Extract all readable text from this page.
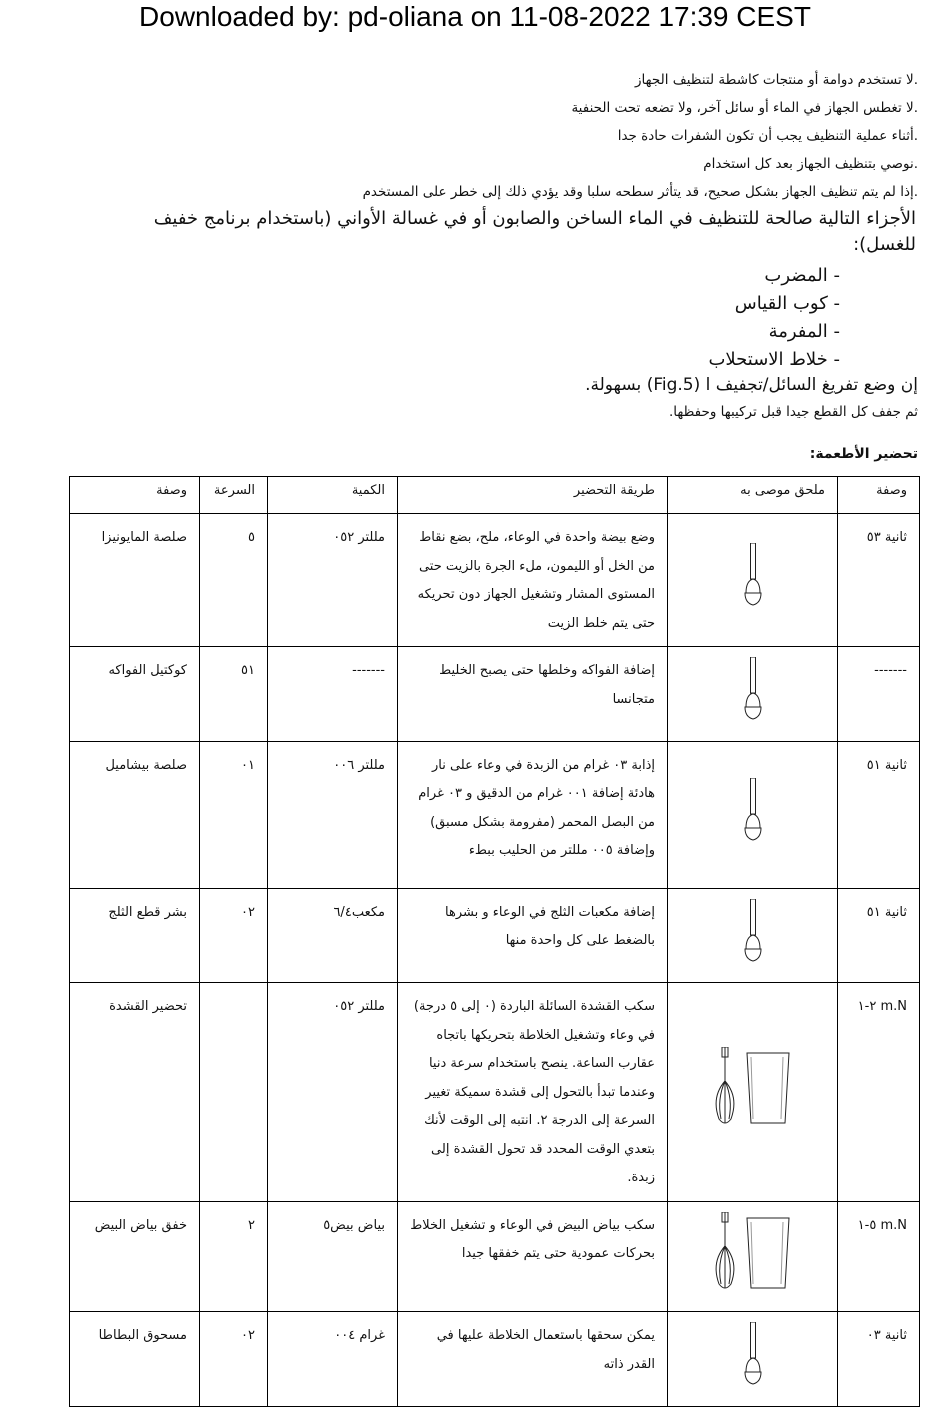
Downloaded by: pd-oliana on 11-08-2022 17:39 CEST
.لا تستخدم دوامة أو منتجات كاشطة لتنظيف الجهاز
.لا تغطس الجهاز في الماء أو سائل آخر، ولا تضعه تحت الحنفية
.أثناء عملية التنظيف يجب أن تكون الشفرات حادة جدا
.نوصي بتنظيف الجهاز بعد كل استخدام
.إذا لم يتم تنظيف الجهاز بشكل صحيح، قد يتأثر سطحه سلبا وقد يؤدي ذلك إلى خطر على المستخدم
الأجزاء التالية صالحة للتنظيف في الماء الساخن والصابون أو في غسالة الأواني (باستخدام برنامج خفيف للغسل):
- المضرب
- كوب القياس
- المفرمة
- خلاط الاستحلاب
إن وضع تفريغ السائل/تجفيف ا (Fig.5) بسهولة.
ثم جفف كل القطع جيدا قبل تركيبها وحفظها.
تحضير الأطعمة:
وصفة	ملحق موصى به	طريقة التحضير	الكمية	السرعة	وصفة
ثانية ٥٣		وضع بيضة واحدة في الوعاء، ملح، بضع نقاط من الخل أو الليمون، ملء الجرة بالزيت حتى المستوى المشار وتشغيل الجهاز دون تحريكه حتى يتم خلط الزيت	مللتر ٠٥٢	٥	صلصة المايونيزا
-------		إضافة الفواكه وخلطها حتى يصبح الخليط متجانسا	-------	٥١	كوكتيل الفواكه
ثانية ٥١		إذابة ٠٣ غرام من الزبدة في وعاء على نار هادئة إضافة ٠٠١ غرام من الدقيق و ٠٣ غرام من البصل المحمر (مفرومة بشكل مسبق) وإضافة ٠٠٥ مللتر من الحليب ببطء	مللتر ٠٠٦	٠١	صلصة بيشاميل
ثانية ٥١		إضافة مكعبات الثلج في الوعاء و بشرها بالضغط على كل واحدة منها	مكعب٦/٤	٠٢	بشر قطع الثلج
m.N ٢-١		سكب القشدة السائلة الباردة (٠ إلى ٥ درجة) في وعاء وتشغيل الخلاطة بتحريكها باتجاه عقارب الساعة. ينصح باستخدام سرعة دنيا وعندما تبدأ بالتحول إلى قشدة سميكة تغيير السرعة إلى الدرجة ٢. انتبه إلى الوقت لأنك بتعدي الوقت المحدد قد تحول القشدة إلى زبدة.	مللتر ٠٥٢		تحضير القشدة
m.N ٥-١		سكب بياض البيض في الوعاء و تشغيل الخلاط بحركات عمودية حتى يتم خفقها جيدا	بياض بيض٥	٢	خفق بياض البيض
ثانية ٠٣		يمكن سحقها باستعمال الخلاطة عليها في القدر ذاته	غرام ٠٠٤	٠٢	مسحوق البطاطا
